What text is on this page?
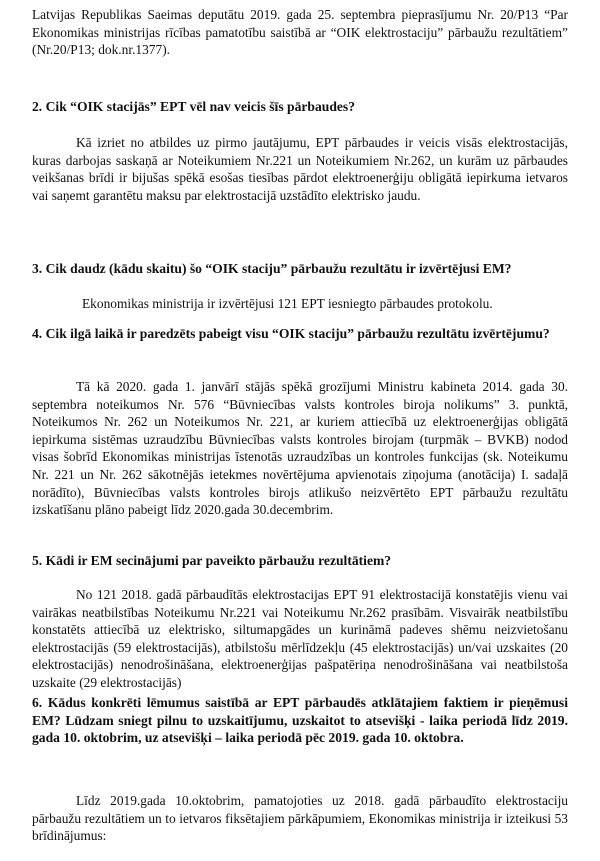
Latvijas Republikas Saeimas deputātu 2019. gada 25. septembra pieprasījumu Nr. 20/P13 “Par Ekonomikas ministrijas rīcības pamatotību saistībā ar “OIK elektrostaciju” pārbaužu rezultātiem” (Nr.20/P13; dok.nr.1377).

2. Cik “OIK stacijās” EPT vēl nav veicis šīs pārbaudes?

Kā izriet no atbildes uz pirmo jautājumu, EPT pārbaudes ir veicis visās elektrostacijās, kuras darbojas saskaņā ar Noteikumiem Nr.221 un Noteikumiem Nr.262, un kurām uz pārbaudes veikšanas brīdi ir bijušas spēkā esošas tiesības pārdot elektroenerģiju obligātā iepirkuma ietvaros vai saņemt garantētu maksu par elektrostacijā uzstādīto elektrisko jaudu.

3. Cik daudz (kādu skaitu) šo “OIK staciju” pārbaužu rezultātu ir izvērtējusi EM?

Ekonomikas ministrija ir izvērtējusi 121 EPT iesniegto pārbaudes protokolu.

4. Cik ilgā laikā ir paredzēts pabeigt visu “OIK staciju” pārbaužu rezultātu izvērtējumu?

Tā kā 2020. gada 1. janvārī stājās spēkā grozījumi Ministru kabineta 2014. gada 30. septembra noteikumos Nr. 576 “Būvniecības valsts kontroles biroja nolikums” 3. punktā, Noteikumos Nr. 262 un Noteikumos Nr. 221, ar kuriem attiecībā uz elektroenerģijas obligātā iepirkuma sistēmas uzraudzību Būvniecības valsts kontroles birojam (turpmāk – BVKB) nodod visas šobrīd Ekonomikas ministrijas īstenotās uzraudzības un kontroles funkcijas (sk. Noteikumu Nr. 221 un Nr. 262 sākotnējās ietekmes novērtējuma apvienotais ziņojuma (anotācija) I. sadaļā norādīto), Būvniecības valsts kontroles birojs atlikušo neizvērtēto EPT pārbaužu rezultātu izskatīšanu plāno pabeigt līdz 2020.gada 30.decembrim.

5. Kādi ir EM secinājumi par paveikto pārbaužu rezultātiem?

No 121 2018. gadā pārbaudītās elektrostacijas EPT 91 elektrostacijā konstatējis vienu vai vairākas neatbilstības Noteikumu Nr.221 vai Noteikumu Nr.262 prasībām. Visvairāk neatbilstību konstatēts attiecībā uz elektrisko, siltumapgādes un kurināmā padeves shēmu neizvietošanu elektrostacijās (59 elektrostacijās), atbilstošu mērlīdzekļu (45 elektrostacijās) un/vai uzskaites (20 elektrostacijās) nenodrošināšana, elektroenerģijas pašpatēriņa nenodrošināšana vai neatbilstoša uzskaite (29 elektrostacijās)

6. Kādus konkrēti lēmumus saistībā ar EPT pārbaudēs atklātajiem faktiem ir pieņēmusi EM? Lūdzam sniegt pilnu to uzskaitījumu, uzskaitot to atsevišķi - laika periodā līdz 2019. gada 10. oktobrim, uz atsevišķi – laika periodā pēc 2019. gada 10. oktobra.

Līdz 2019.gada 10.oktobrim, pamatojoties uz 2018. gadā pārbaudīto elektrostaciju pārbaužu rezultātiem un to ietvaros fiksētajiem pārkāpumiem, Ekonomikas ministrija ir izteikusi 53 brīdinājumus:
